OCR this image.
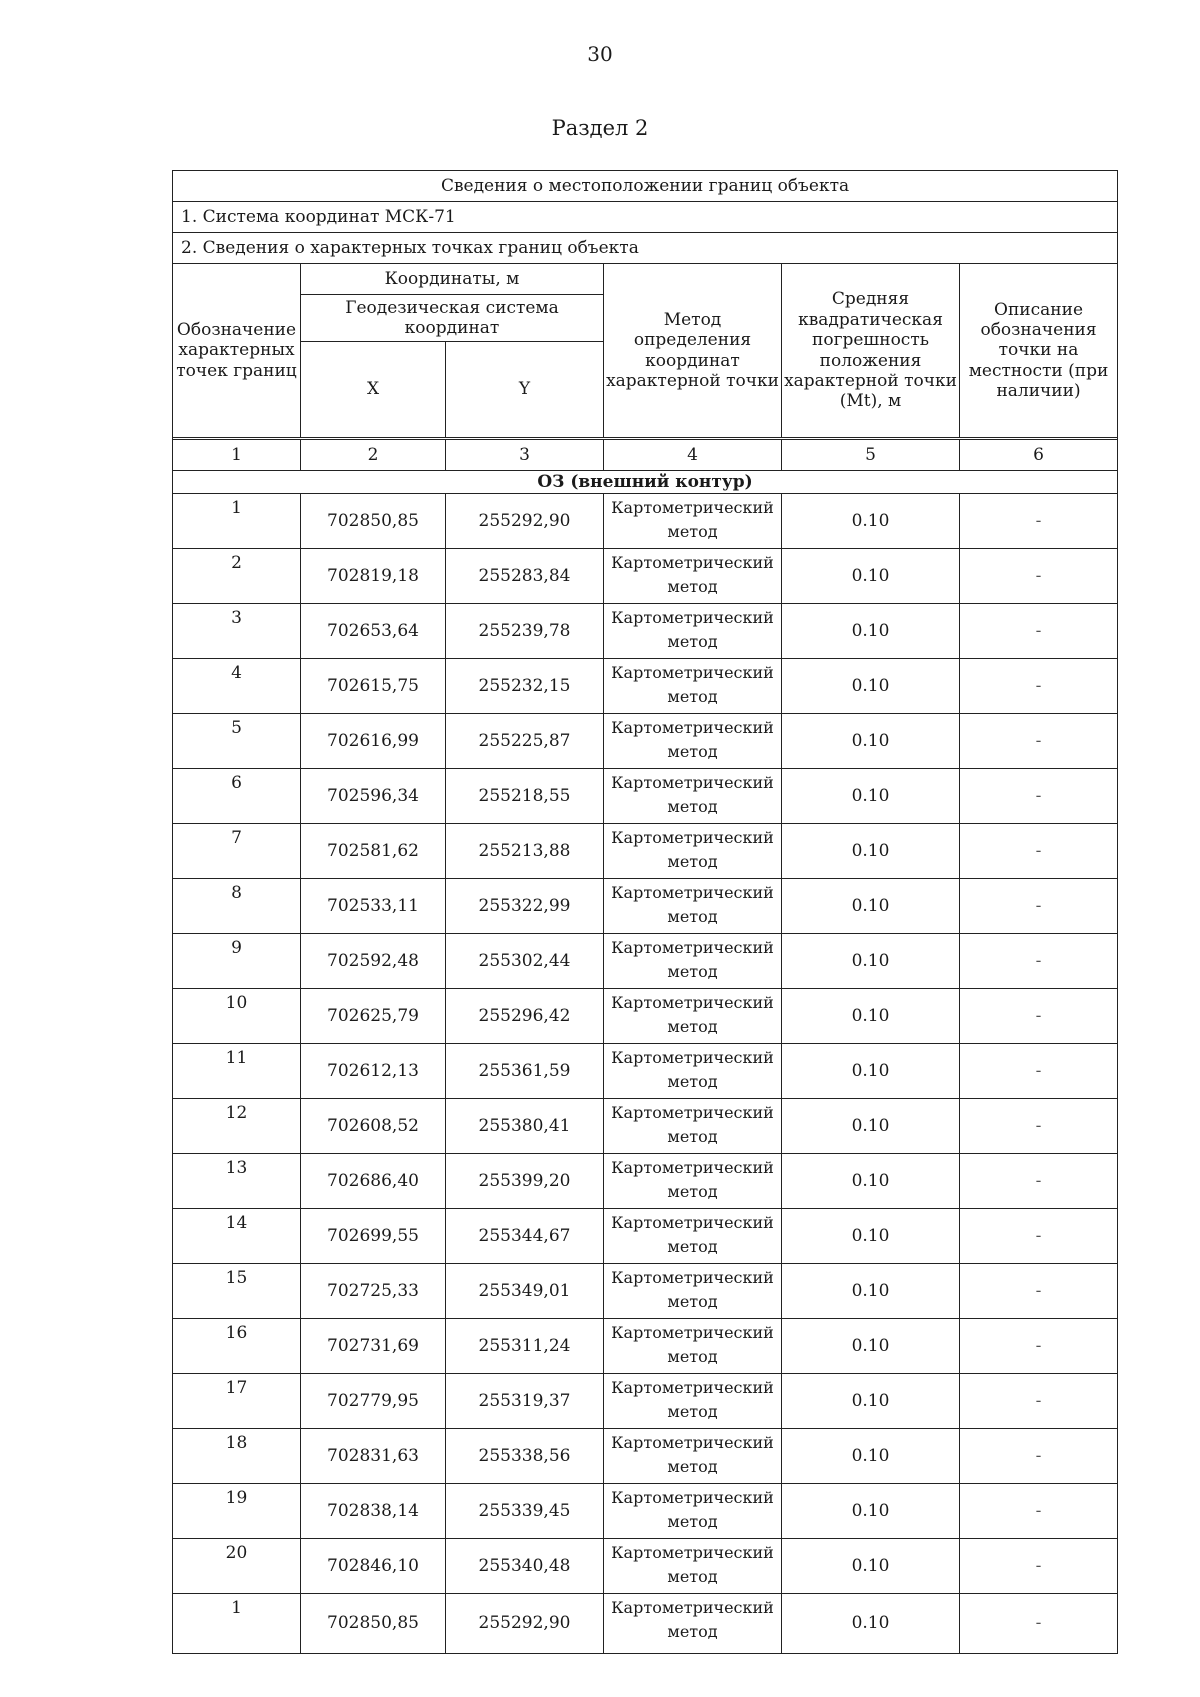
30
Раздел 2
Сведения о местоположении границ объекта					
1. Система координат МСК-71					
2. Сведения о характерных точках границ объекта					
Обозначение характерных точек границ	Координаты, м		Метод определения координат характерной точки	Средняя квадратическая погрешность положения характерной точки (Mt), м	Описание обозначения точки на местности (при наличии)
	Геодезическая система координат				
	X	Y			

1	2	3	4	5	6
ОЗ (внешний контур)					
1	702850,85	255292,90	Картометрический метод	0.10	-
2	702819,18	255283,84	Картометрический метод	0.10	-
3	702653,64	255239,78	Картометрический метод	0.10	-
4	702615,75	255232,15	Картометрический метод	0.10	-
5	702616,99	255225,87	Картометрический метод	0.10	-
6	702596,34	255218,55	Картометрический метод	0.10	-
7	702581,62	255213,88	Картометрический метод	0.10	-
8	702533,11	255322,99	Картометрический метод	0.10	-
9	702592,48	255302,44	Картометрический метод	0.10	-
10	702625,79	255296,42	Картометрический метод	0.10	-
11	702612,13	255361,59	Картометрический метод	0.10	-
12	702608,52	255380,41	Картометрический метод	0.10	-
13	702686,40	255399,20	Картометрический метод	0.10	-
14	702699,55	255344,67	Картометрический метод	0.10	-
15	702725,33	255349,01	Картометрический метод	0.10	-
16	702731,69	255311,24	Картометрический метод	0.10	-
17	702779,95	255319,37	Картометрический метод	0.10	-
18	702831,63	255338,56	Картометрический метод	0.10	-
19	702838,14	255339,45	Картометрический метод	0.10	-
20	702846,10	255340,48	Картометрический метод	0.10	-
1	702850,85	255292,90	Картометрический метод	0.10	-
